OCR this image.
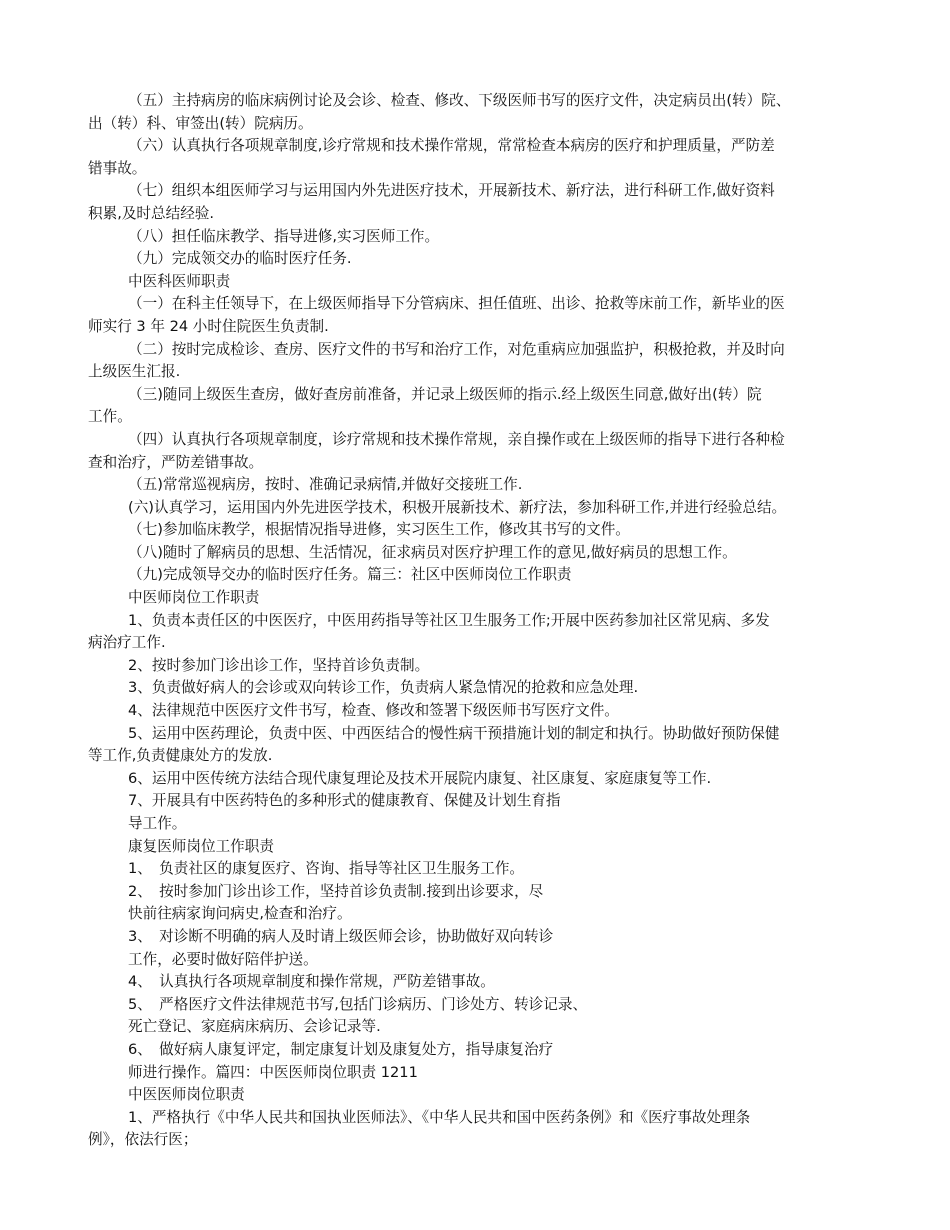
（五）主持病房的临床病例讨论及会诊、检查、修改、下级医师书写的医疗文件，决定病员出(转）院、

出（转）科、审签出(转）院病历。

（六）认真执行各项规章制度,诊疗常规和技术操作常规，常常检查本病房的医疗和护理质量，严防差

错事故。

（七）组织本组医师学习与运用国内外先进医疗技术，开展新技术、新疗法，进行科研工作,做好资料

积累,及时总结经验.

（八）担任临床教学、指导进修,实习医师工作。

（九）完成领交办的临时医疗任务.

中医科医师职责

（一）在科主任领导下，在上级医师指导下分管病床、担任值班、出诊、抢救等床前工作，新毕业的医

师实行 3 年 24 小时住院医生负责制.

（二）按时完成检诊、查房、医疗文件的书写和治疗工作，对危重病应加强监护，积极抢救，并及时向

上级医生汇报.

（三)随同上级医生查房，做好查房前准备，并记录上级医师的指示.经上级医生同意,做好出(转）院

工作。

（四）认真执行各项规章制度，诊疗常规和技术操作常规，亲自操作或在上级医师的指导下进行各种检

查和治疗，严防差错事故。

（五)常常巡视病房，按时、准确记录病情,并做好交接班工作.

(六)认真学习，运用国内外先进医学技术，积极开展新技术、新疗法，参加科研工作,并进行经验总结。

（七)参加临床教学，根据情况指导进修，实习医生工作，修改其书写的文件。

（八)随时了解病员的思想、生活情况，征求病员对医疗护理工作的意见,做好病员的思想工作。

（九)完成领导交办的临时医疗任务。篇三：社区中医师岗位工作职责

中医师岗位工作职责

1、负责本责任区的中医医疗，中医用药指导等社区卫生服务工作;开展中医药参加社区常见病、多发

病治疗工作.

2、按时参加门诊出诊工作，坚持首诊负责制。

3、负责做好病人的会诊或双向转诊工作，负责病人紧急情况的抢救和应急处理.

4、法律规范中医医疗文件书写，检查、修改和签署下级医师书写医疗文件。

5、运用中医药理论，负责中医、中西医结合的慢性病干预措施计划的制定和执行。协助做好预防保健

等工作,负责健康处方的发放.

6、运用中医传统方法结合现代康复理论及技术开展院内康复、社区康复、家庭康复等工作.

7、开展具有中医药特色的多种形式的健康教育、保健及计划生育指

导工作。

康复医师岗位工作职责

1、　负责社区的康复医疗、咨询、指导等社区卫生服务工作。

2、　按时参加门诊出诊工作，坚持首诊负责制.接到出诊要求，尽

快前往病家询问病史,检查和治疗。

3、　对诊断不明确的病人及时请上级医师会诊，协助做好双向转诊

工作，必要时做好陪伴护送。

4、　认真执行各项规章制度和操作常规，严防差错事故。

5、　严格医疗文件法律规范书写,包括门诊病历、门诊处方、转诊记录、

死亡登记、家庭病床病历、会诊记录等.

6、　做好病人康复评定，制定康复计划及康复处方，指导康复治疗

师进行操作。篇四：中医医师岗位职责 1211

中医医师岗位职责

1、严格执行《中华人民共和国执业医师法》、《中华人民共和国中医药条例》和《医疗事故处理条

例》，依法行医；
